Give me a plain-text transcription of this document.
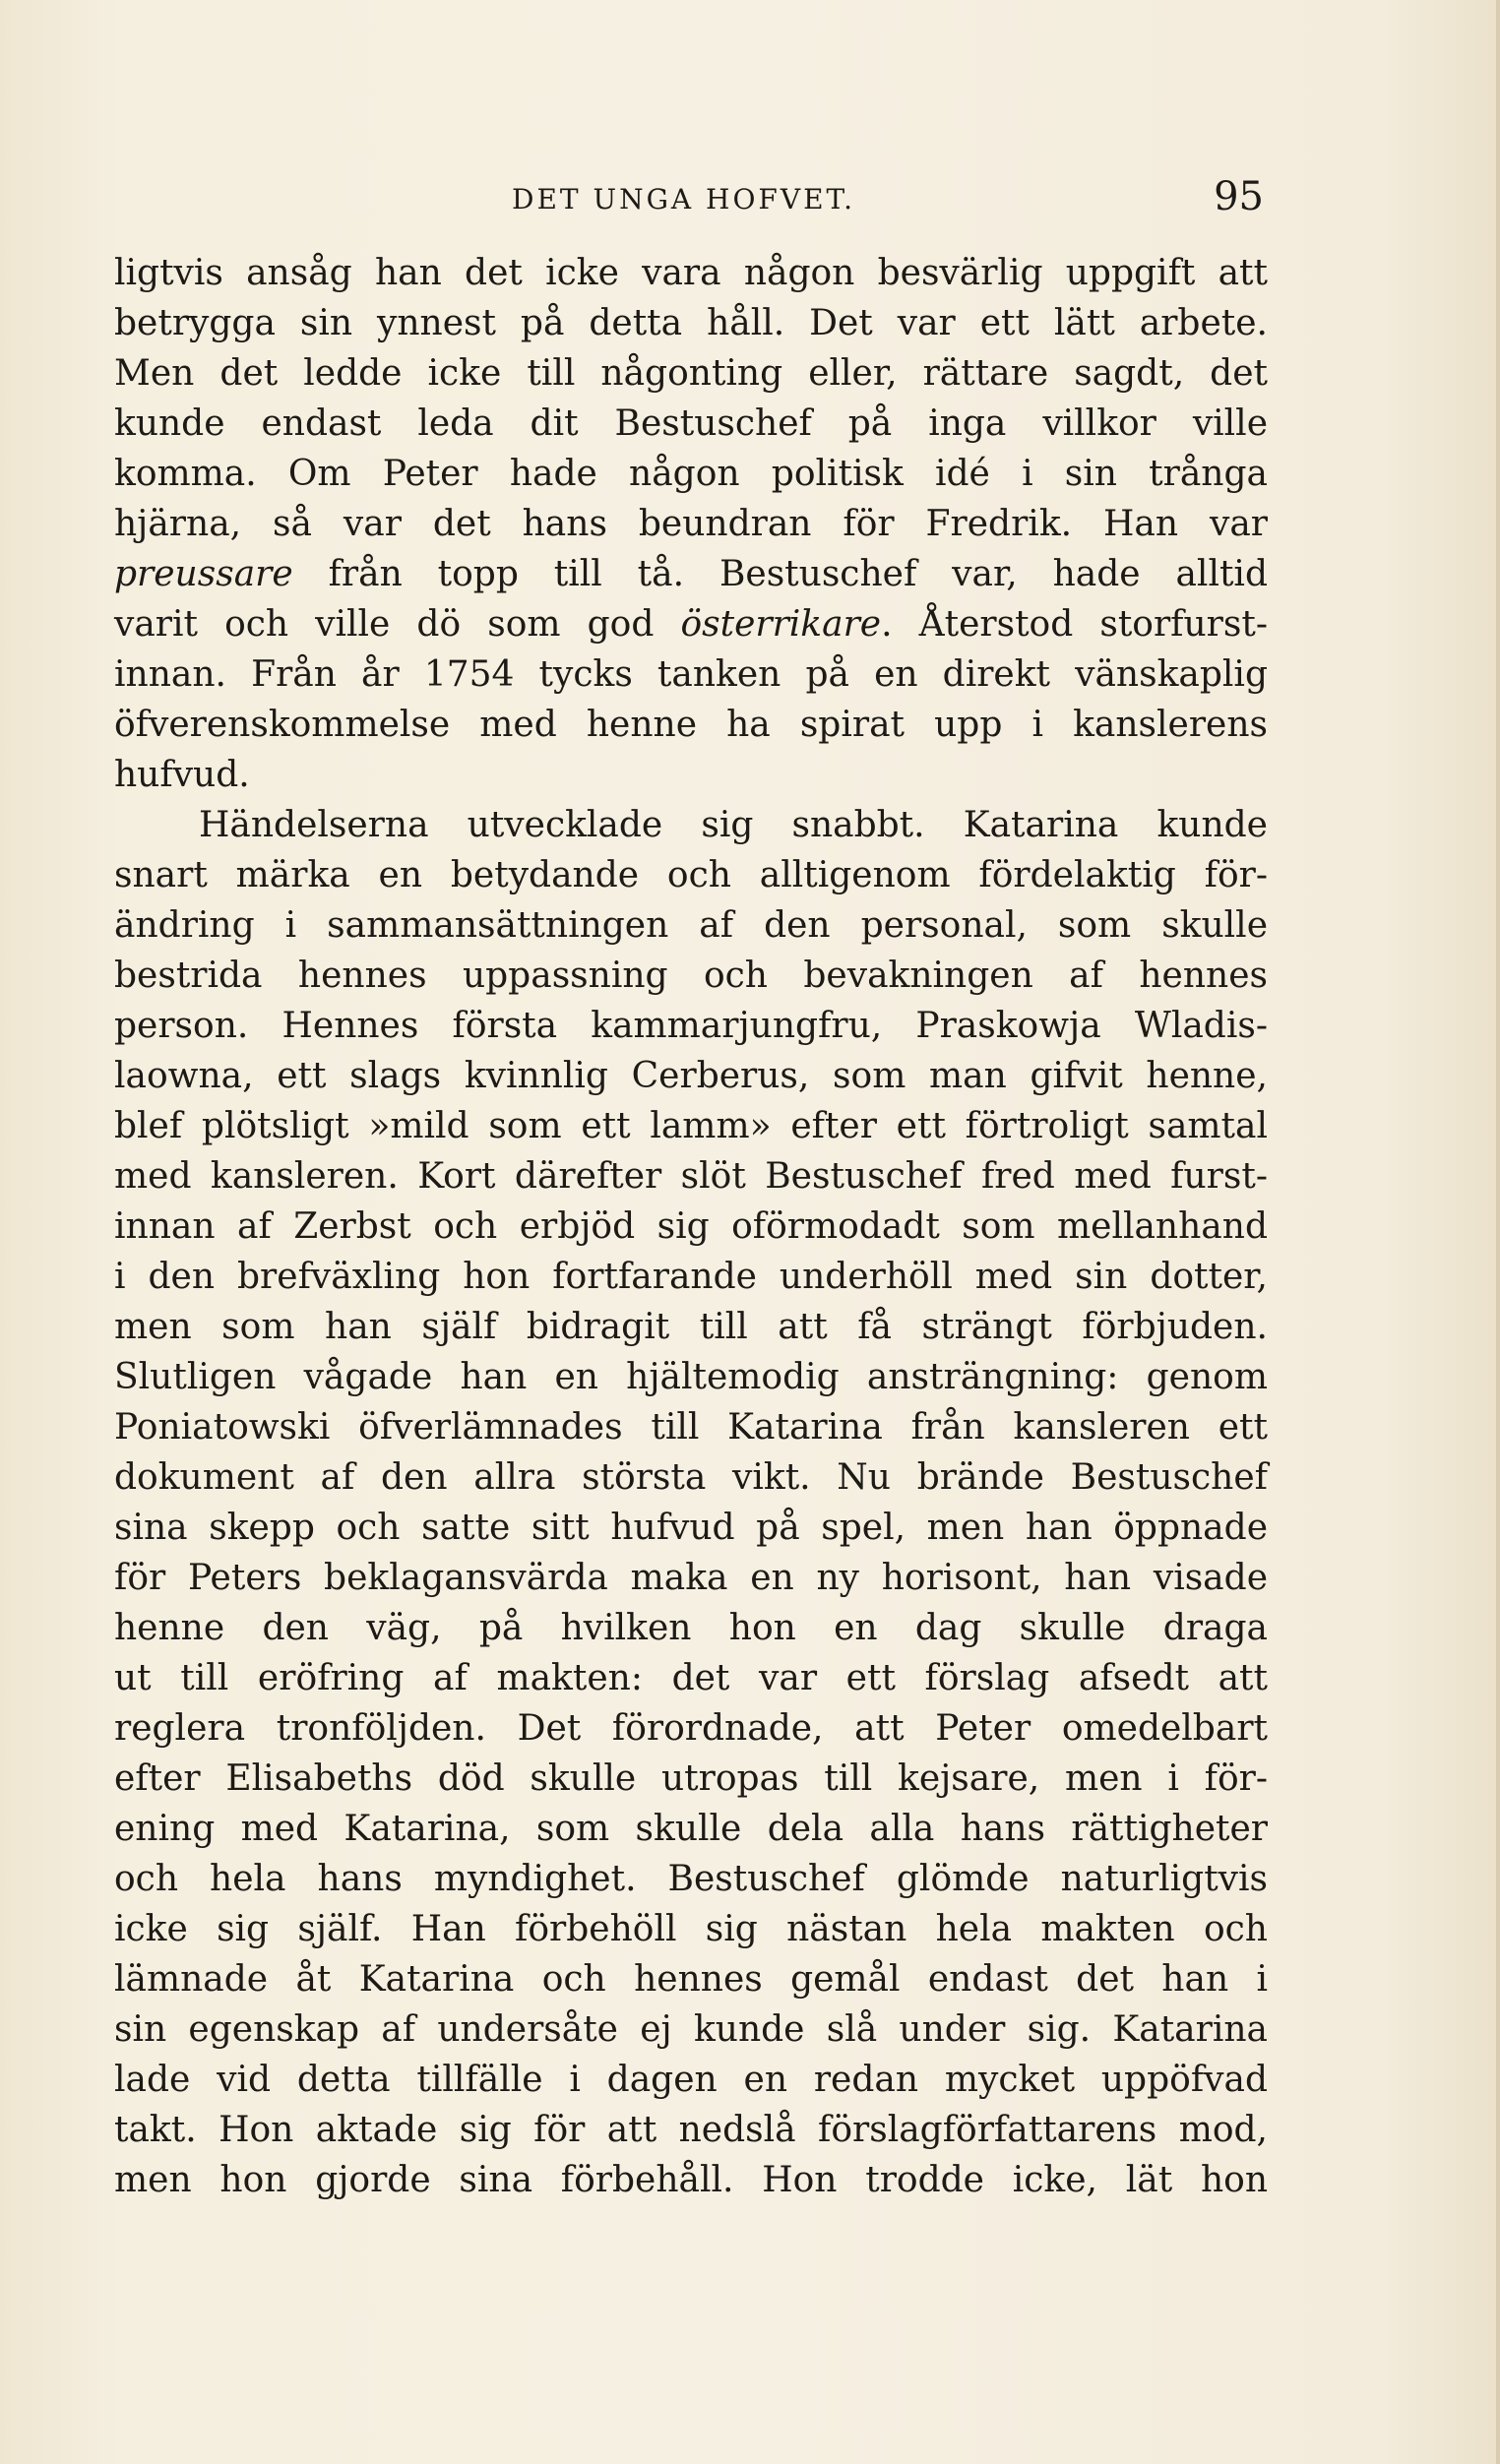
DET UNGA HOFVET.	95
ligtvis ansåg han det icke vara någon besvärlig uppgift att
betrygga sin ynnest på detta håll. Det var ett lätt arbete.
Men det ledde icke till någonting eller, rättare sagdt, det
kunde endast leda dit Bestuschef på inga villkor ville
komma. Om Peter hade någon politisk idé i sin trånga
hjärna, så var det hans beundran för Fredrik. Han var
preussare från topp till tå. Bestuschef var, hade alltid
varit och ville dö som god österrikare. Återstod storfurst-
innan. Från år 1754 tycks tanken på en direkt vänskaplig
öfverenskommelse med henne ha spirat upp i kanslerens
hufvud.
Händelserna utvecklade sig snabbt. Katarina kunde
snart märka en betydande och alltigenom fördelaktig för-
ändring i sammansättningen af den personal, som skulle
bestrida hennes uppassning och bevakningen af hennes
person. Hennes första kammarjungfru, Praskowja Wladis-
laowna, ett slags kvinnlig Cerberus, som man gifvit henne,
blef plötsligt »mild som ett lamm» efter ett förtroligt samtal
med kansleren. Kort därefter slöt Bestuschef fred med furst-
innan af Zerbst och erbjöd sig oförmodadt som mellanhand
i den brefväxling hon fortfarande underhöll med sin dotter,
men som han själf bidragit till att få strängt förbjuden.
Slutligen vågade han en hjältemodig ansträngning: genom
Poniatowski öfverlämnades till Katarina från kansleren ett
dokument af den allra största vikt. Nu brände Bestuschef
sina skepp och satte sitt hufvud på spel, men han öppnade
för Peters beklagansvärda maka en ny horisont, han visade
henne den väg, på hvilken hon en dag skulle draga
ut till eröfring af makten: det var ett förslag afsedt att
reglera tronföljden. Det förordnade, att Peter omedelbart
efter Elisabeths död skulle utropas till kejsare, men i för-
ening med Katarina, som skulle dela alla hans rättigheter
och hela hans myndighet. Bestuschef glömde naturligtvis
icke sig själf. Han förbehöll sig nästan hela makten och
lämnade åt Katarina och hennes gemål endast det han i
sin egenskap af undersåte ej kunde slå under sig. Katarina
lade vid detta tillfälle i dagen en redan mycket uppöfvad
takt. Hon aktade sig för att nedslå förslagförfattarens mod,
men hon gjorde sina förbehåll. Hon trodde icke, lät hon
